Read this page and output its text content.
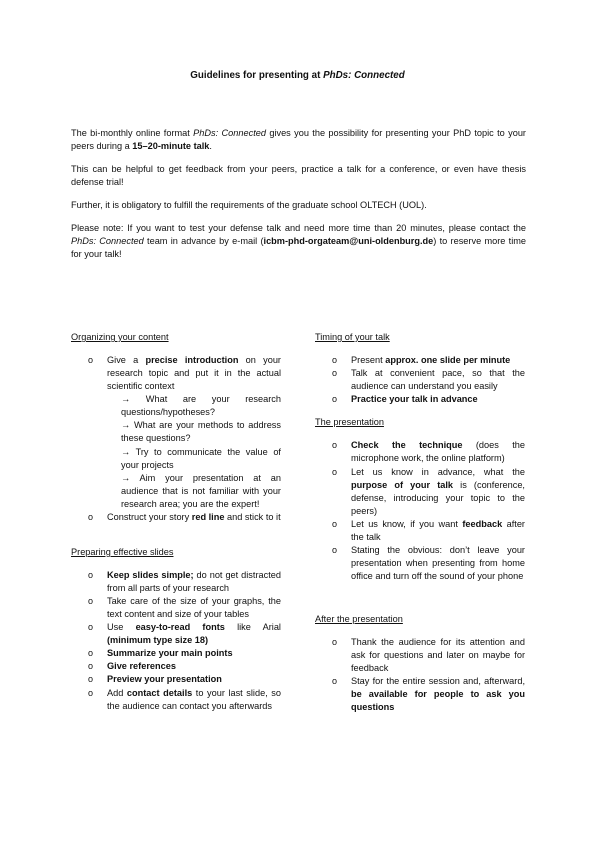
Guidelines for presenting at PhDs: Connected

The bi-monthly online format PhDs: Connected gives you the possibility for presenting your PhD topic to your peers during a 15–20-minute talk.

This can be helpful to get feedback from your peers, practice a talk for a conference, or even have thesis defense trial!

Further, it is obligatory to fulfill the requirements of the graduate school OLTECH (UOL).

Please note: If you want to test your defense talk and need more time than 20 minutes, please contact the PhDs: Connected team in advance by e-mail (icbm-phd-orgateam@uni-oldenburg.de) to reserve more time for your talk!

Organizing your content
o Give a precise introduction on your research topic and put it in the actual scientific context
→ What are your research questions/hypotheses?
→ What are your methods to address these questions?
→ Try to communicate the value of your projects
→ Aim your presentation at an audience that is not familiar with your research area; you are the expert!
o Construct your story red line and stick to it
Preparing effective slides
o Keep slides simple; do not get distracted from all parts of your research
o Take care of the size of your graphs, the text content and size of your tables
o Use easy-to-read fonts like Arial (minimum type size 18)
o Summarize your main points
o Give references
o Preview your presentation
o Add contact details to your last slide, so the audience can contact you afterwards
Timing of your talk
o Present approx. one slide per minute
o Talk at convenient pace, so that the audience can understand you easily
o Practice your talk in advance
The presentation
o Check the technique (does the microphone work, the online platform)
o Let us know in advance, what the purpose of your talk is (conference, defense, introducing your topic to the peers)
o Let us know, if you want feedback after the talk
o Stating the obvious: don’t leave your presentation when presenting from home office and turn off the sound of your phone
After the presentation
o Thank the audience for its attention and ask for questions and later on maybe for feedback
o Stay for the entire session and, afterward, be available for people to ask you questions
